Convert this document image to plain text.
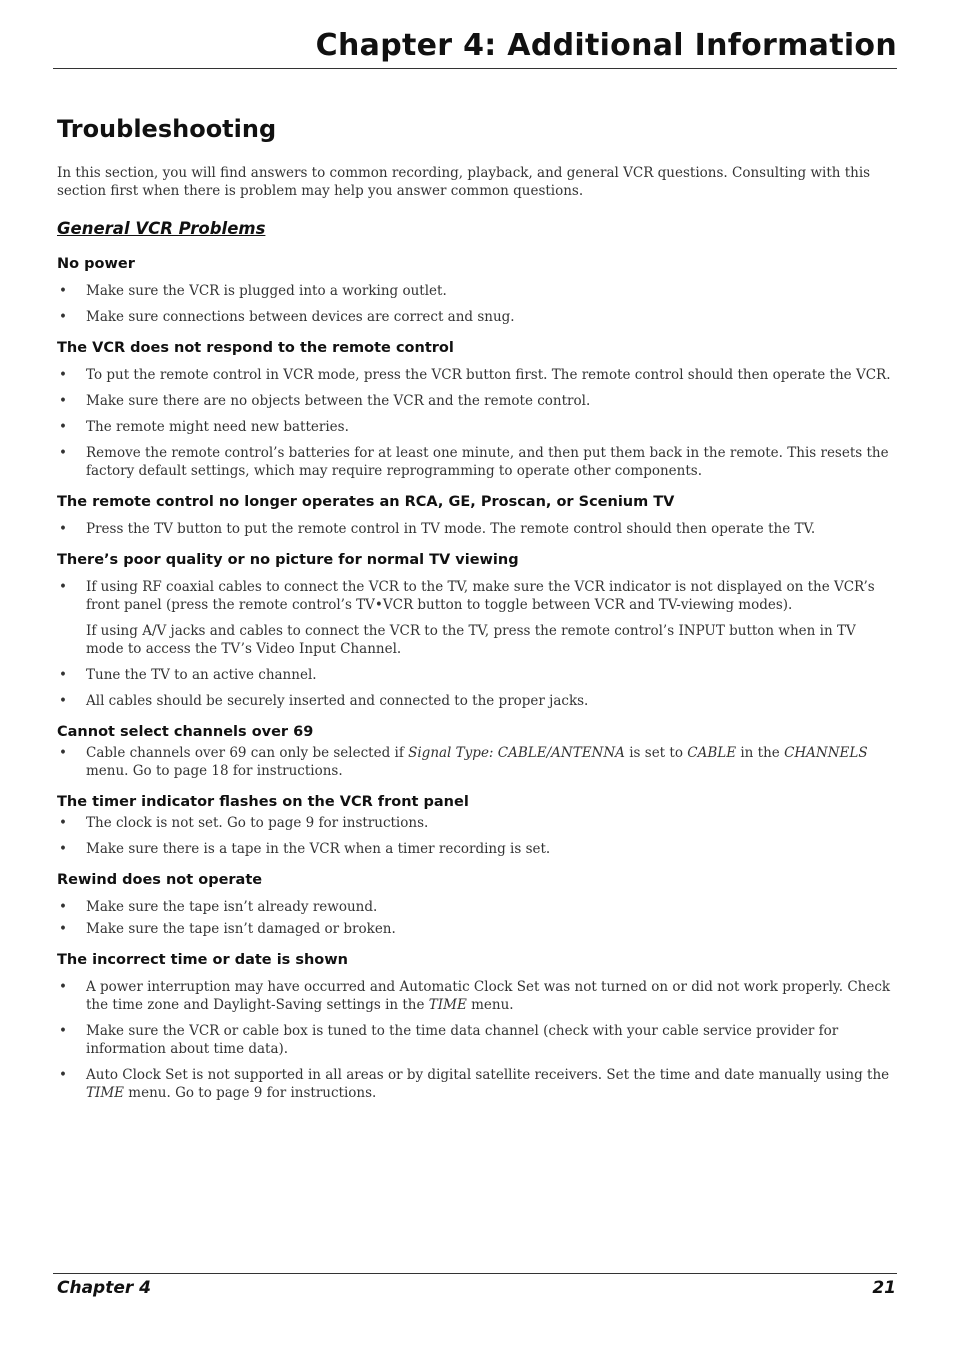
Chapter 4: Additional Information
Troubleshooting

In this section, you will find answers to common recording, playback, and general VCR questions. Consulting with this section first when there is problem may help you answer common questions.

General VCR Problems
No power
• Make sure the VCR is plugged into a working outlet.
• Make sure connections between devices are correct and snug.
The VCR does not respond to the remote control
• To put the remote control in VCR mode, press the VCR button first. The remote control should then operate the VCR.
• Make sure there are no objects between the VCR and the remote control.
• The remote might need new batteries.
• Remove the remote control’s batteries for at least one minute, and then put them back in the remote. This resets the factory default settings, which may require reprogramming to operate other components.
The remote control no longer operates an RCA, GE, Proscan, or Scenium TV
• Press the TV button to put the remote control in TV mode. The remote control should then operate the TV.
There’s poor quality or no picture for normal TV viewing
• If using RF coaxial cables to connect the VCR to the TV, make sure the VCR indicator is not displayed on the VCR’s front panel (press the remote control’s TV•VCR button to toggle between VCR and TV-viewing modes).
If using A/V jacks and cables to connect the VCR to the TV, press the remote control’s INPUT button when in TV mode to access the TV’s Video Input Channel.
• Tune the TV to an active channel.
• All cables should be securely inserted and connected to the proper jacks.
Cannot select channels over 69
• Cable channels over 69 can only be selected if Signal Type: CABLE/ANTENNA is set to CABLE in the CHANNELS menu. Go to page 18 for instructions.
The timer indicator flashes on the VCR front panel
• The clock is not set. Go to page 9 for instructions.
• Make sure there is a tape in the VCR when a timer recording is set.
Rewind does not operate
• Make sure the tape isn’t already rewound.
• Make sure the tape isn’t damaged or broken.
The incorrect time or date is shown
• A power interruption may have occurred and Automatic Clock Set was not turned on or did not work properly. Check the time zone and Daylight-Saving settings in the TIME menu.
• Make sure the VCR or cable box is tuned to the time data channel (check with your cable service provider for information about time data).
• Auto Clock Set is not supported in all areas or by digital satellite receivers. Set the time and date manually using the TIME menu. Go to page 9 for instructions.
Chapter 4	21
